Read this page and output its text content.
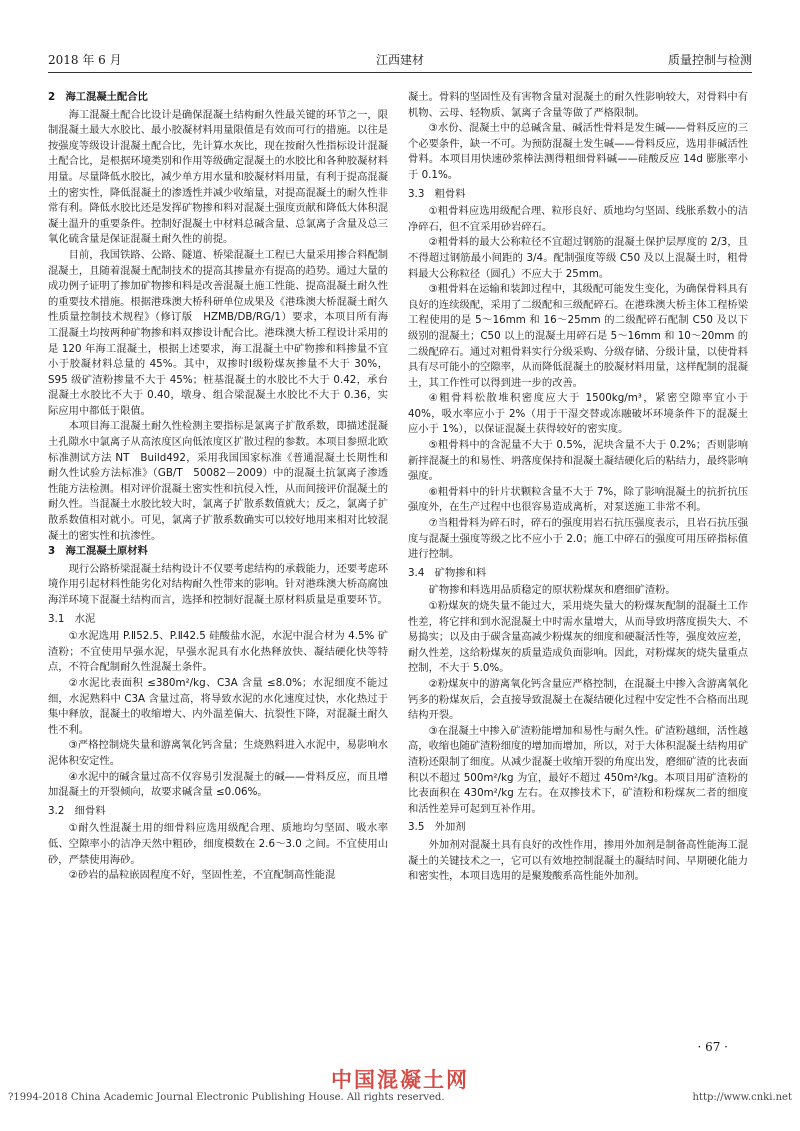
2018 年 6 月	江西建材	质量控制与检测
2　海工混凝土配合比

海工混凝土配合比设计是确保混凝土结构耐久性最关键的环节之一，限制混凝土最大水胶比、最小胶凝材料用量限值是有效而可行的措施。以往是按强度等级设计混凝土配合比，先计算水灰比，现在按耐久性指标设计混凝土配合比，是根据环境类别和作用等级确定混凝土的水胶比和各种胶凝材料用量。尽量降低水胶比，减少单方用水量和胶凝材料用量，有利于提高混凝土的密实性，降低混凝土的渗透性并减少收缩量，对提高混凝土的耐久性非常有利。降低水胶比还是发挥矿物掺和料对混凝土强度贡献和降低大体积混凝土温升的重要条件。控制好混凝土中材料总碱含量、总氯离子含量及总三氧化硫含量是保证混凝土耐久性的前提。

目前，我国铁路、公路、隧道、桥梁混凝土工程已大量采用掺合料配制混凝土，且随着混凝土配制技术的提高其掺量亦有提高的趋势。通过大量的成功例子证明了掺加矿物掺和料是改善混凝土施工性能、提高混凝土耐久性的重要技术措施。根据港珠澳大桥科研单位成果及《港珠澳大桥混凝土耐久性质量控制技术规程》（修订版　HZMB/DB/RG/1）要求，本项目所有海工混凝土均按两种矿物掺和料双掺设计配合比。港珠澳大桥工程设计采用的是 120 年海工混凝土，根据上述要求，海工混凝土中矿物掺和料掺量不宜小于胶凝材料总量的 45%。其中，双掺时I级粉煤灰掺量不大于 30%，S95 级矿渣粉掺量不大于 45%；桩基混凝土的水胶比不大于 0.42，承台混凝土水胶比不大于 0.40，墩身、组合梁混凝土水胶比不大于 0.36，实际应用中都低于限值。

本项目海工混凝土耐久性检测主要指标是氯离子扩散系数，即描述混凝土孔隙水中氯离子从高浓度区向低浓度区扩散过程的参数。本项目参照北欧标准测试方法 NT　Build492，采用我国国家标准《普通混凝土长期性和耐久性试验方法标准》（GB/T　50082－2009）中的混凝土抗氯离子渗透性能方法检测。相对评价混凝土密实性和抗侵入性，从而间接评价混凝土的耐久性。当混凝土水胶比较大时，氯离子扩散系数值就大；反之，氯离子扩散系数值相对就小。可见，氯离子扩散系数确实可以较好地用来相对比较混凝土的密实性和抗渗性。

3　海工混凝土原材料

现行公路桥梁混凝土结构设计不仅要考虑结构的承载能力，还要考虑环境作用引起材料性能劣化对结构耐久性带来的影响。针对港珠澳大桥高腐蚀海洋环境下混凝土结构而言，选择和控制好混凝土原材料质量是重要环节。

3.1　水泥

①水泥选用 P.Ⅱ52.5、P.Ⅱ42.5 硅酸盐水泥，水泥中混合材为 4.5% 矿渣粉；不宜使用早强水泥，早强水泥具有水化热释放快、凝结硬化快等特点，不符合配制耐久性混凝土条件。

②水泥比表面积 ≤380m²/kg、C3A 含量 ≤8.0%；水泥细度不能过细，水泥熟料中 C3A 含量过高，将导致水泥的水化速度过快，水化热过于集中释放，混凝土的收缩增大、内外温差偏大、抗裂性下降，对混凝土耐久性不利。

③严格控制烧失量和游离氧化钙含量；生烧熟料进入水泥中，易影响水泥体积安定性。

④水泥中的碱含量过高不仅容易引发混凝土的碱——骨料反应，而且增加混凝土的开裂倾向，故要求碱含量 ≤0.06%。

3.2　细骨料

①耐久性混凝土用的细骨料应选用级配合理、质地均匀坚固、吸水率低、空隙率小的洁净天然中粗砂，细度模数在 2.6～3.0 之间。不宜使用山砂，严禁使用海砂。

②砂岩的晶粒嵌固程度不好，坚固性差，不宜配制高性能混

凝土。骨料的坚固性及有害物含量对混凝土的耐久性影响较大，对骨料中有机物、云母、轻物质、氯离子含量等做了严格限制。

③水份、混凝土中的总碱含量、碱活性骨料是发生碱——骨料反应的三个必要条件，缺一不可。为预防混凝土发生碱——骨料反应，选用非碱活性骨料。本项目用快速砂浆棒法测得粗细骨料碱——硅酸反应 14d 膨胀率小于 0.1%。

3.3　粗骨料

①粗骨料应选用级配合理、粒形良好、质地均匀坚固、线胀系数小的洁净碎石，但不宜采用砂岩碎石。

②粗骨料的最大公称粒径不宜超过钢筋的混凝土保护层厚度的 2/3，且不得超过钢筋最小间距的 3/4。配制强度等级 C50 及以上混凝土时，粗骨料最大公称粒径（圆孔）不应大于 25mm。

③粗骨料在运输和装卸过程中，其级配可能发生变化，为确保骨料具有良好的连续级配，采用了二级配和三级配碎石。在港珠澳大桥主体工程桥梁工程使用的是 5～16mm 和 16～25mm 的二级配碎石配制 C50 及以下级别的混凝土；C50 以上的混凝土用碎石是 5～16mm 和 10～20mm 的二级配碎石。通过对粗骨料实行分级采购、分级存储、分级计量，以使骨料具有尽可能小的空隙率，从而降低混凝土的胶凝材料用量，这样配制的混凝土，其工作性可以得到进一步的改善。

④粗骨料松散堆积密度应大于 1500kg/m³，紧密空隙率宜小于 40%，吸水率应小于 2%（用于干湿交替或冻融破坏环境条件下的混凝土应小于 1%），以保证混凝土获得较好的密实度。

⑤粗骨料中的含泥量不大于 0.5%，泥块含量不大于 0.2%；否则影响新拌混凝土的和易性、坍落度保持和混凝土凝结硬化后的粘结力，最终影响强度。

⑥粗骨料中的针片状颗粒含量不大于 7%，除了影响混凝土的抗折抗压强度外，在生产过程中也很容易造成离析，对泵送施工非常不利。

⑦当粗骨料为碎石时，碎石的强度用岩石抗压强度表示，且岩石抗压强度与混凝土强度等级之比不应小于 2.0；施工中碎石的强度可用压碎指标值进行控制。

3.4　矿物掺和料

矿物掺和料选用品质稳定的原状粉煤灰和磨细矿渣粉。

①粉煤灰的烧失量不能过大，采用烧失量大的粉煤灰配制的混凝土工作性差，将它拌和到水泥混凝土中时需水量增大，从而导致坍落度损失大、不易捣实；以及由于碳含量高减少粉煤灰的细度和硬凝活性等，强度效应差，耐久性差，这给粉煤灰的质量造成负面影响。因此，对粉煤灰的烧失量重点控制，不大于 5.0%。

②粉煤灰中的游离氧化钙含量应严格控制，在混凝土中掺入含游离氧化钙多的粉煤灰后，会直接导致混凝土在凝结硬化过程中安定性不合格而出现结构开裂。

③在混凝土中掺入矿渣粉能增加和易性与耐久性。矿渣粉越细，活性越高，收缩也随矿渣粉细度的增加而增加，所以，对于大体积混凝土结构用矿渣粉还限制了细度。从减少混凝土收缩开裂的角度出发，磨细矿渣的比表面积以不超过 500m²/kg 为宜，最好不超过 450m²/kg。本项目用矿渣粉的比表面积在 430m²/kg 左右。在双掺技术下，矿渣粉和粉煤灰二者的细度和活性差异可起到互补作用。

3.5　外加剂

外加剂对混凝土具有良好的改性作用，掺用外加剂是制备高性能海工混凝土的关键技术之一，它可以有效地控制混凝土的凝结时间、早期硬化能力和密实性，本项目选用的是聚羧酸系高性能外加剂。

· 67 ·
中国混凝土网
?1994-2018 China Academic Journal Electronic Publishing House. All rights reserved.	http://www.cnki.net
